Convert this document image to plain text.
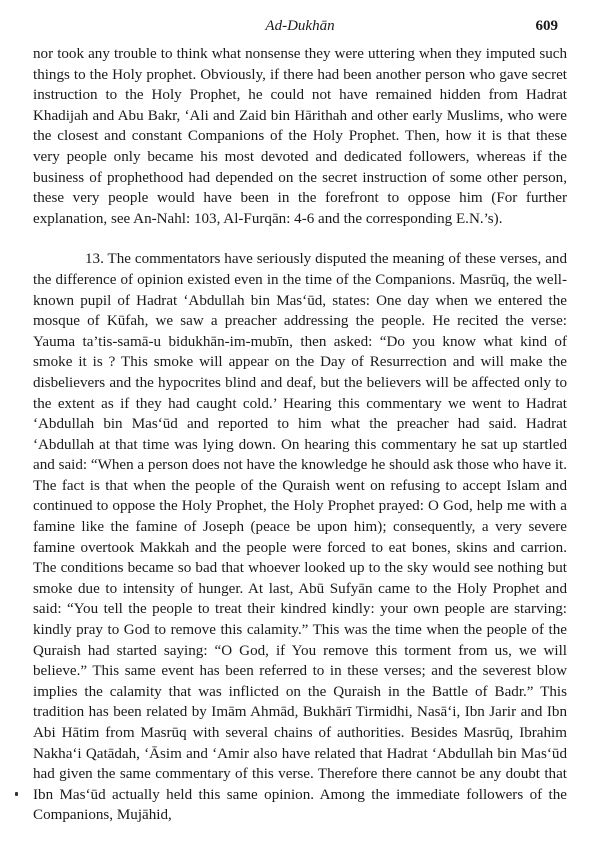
Ad-Dukhān	609

nor took any trouble to think what nonsense they were uttering when they imputed such things to the Holy prophet. Obviously, if there had been another person who gave secret instruction to the Holy Prophet, he could not have remained hidden from Hadrat Khadijah and Abu Bakr, ‘Ali and Zaid bin Hārithah and other early Muslims, who were the closest and constant Companions of the Holy Prophet. Then, how it is that these very people only became his most devoted and dedicated followers, whereas if the business of prophethood had depended on the secret instruction of some other person, these very people would have been in the forefront to oppose him (For further explanation, see An-Nahl: 103, Al-Furqān: 4-6 and the corresponding E.N.’s).

13. The commentators have seriously disputed the meaning of these verses, and the difference of opinion existed even in the time of the Companions. Masrūq, the well-known pupil of Hadrat ‘Abdullah bin Mas‘ūd, states: One day when we entered the mosque of Kūfah, we saw a preacher addressing the people. He recited the verse: Yauma ta’tis-samā-u bidukhān-im-mubīn, then asked: “Do you know what kind of smoke it is ? This smoke will appear on the Day of Resurrection and will make the disbelievers and the hypocrites blind and deaf, but the believers will be affected only to the extent as if they had caught cold.’ Hearing this commentary we went to Hadrat ‘Abdullah bin Mas‘ūd and reported to him what the preacher had said. Hadrat ‘Abdullah at that time was lying down. On hearing this commentary he sat up startled and said: “When a person does not have the knowledge he should ask those who have it. The fact is that when the people of the Quraish went on refusing to accept Islam and continued to oppose the Holy Prophet, the Holy Prophet prayed: O God, help me with a famine like the famine of Joseph (peace be upon him); consequently, a very severe famine overtook Makkah and the people were forced to eat bones, skins and carrion. The conditions became so bad that whoever looked up to the sky would see nothing but smoke due to intensity of hunger. At last, Abū Sufyān came to the Holy Prophet and said: “You tell the people to treat their kindred kindly: your own people are starving: kindly pray to God to remove this calamity.” This was the time when the people of the Quraish had started saying: “O God, if You remove this torment from us, we will believe.” This same event has been referred to in these verses; and the severest blow implies the calamity that was inflicted on the Quraish in the Battle of Badr.” This tradition has been related by Imām Ahmād, Bukhārī Tirmidhi, Nasā‘i, Ibn Jarir and Ibn Abi Hātim from Masrūq with several chains of authorities. Besides Masrūq, Ibrahim Nakha‘i Qatādah, ‘Āsim and ‘Amir also have related that Hadrat ‘Abdullah bin Mas‘ūd had given the same commentary of this verse. Therefore there cannot be any doubt that Ibn Mas‘ūd actually held this same opinion. Among the immediate followers of the Companions, Mujāhid,
